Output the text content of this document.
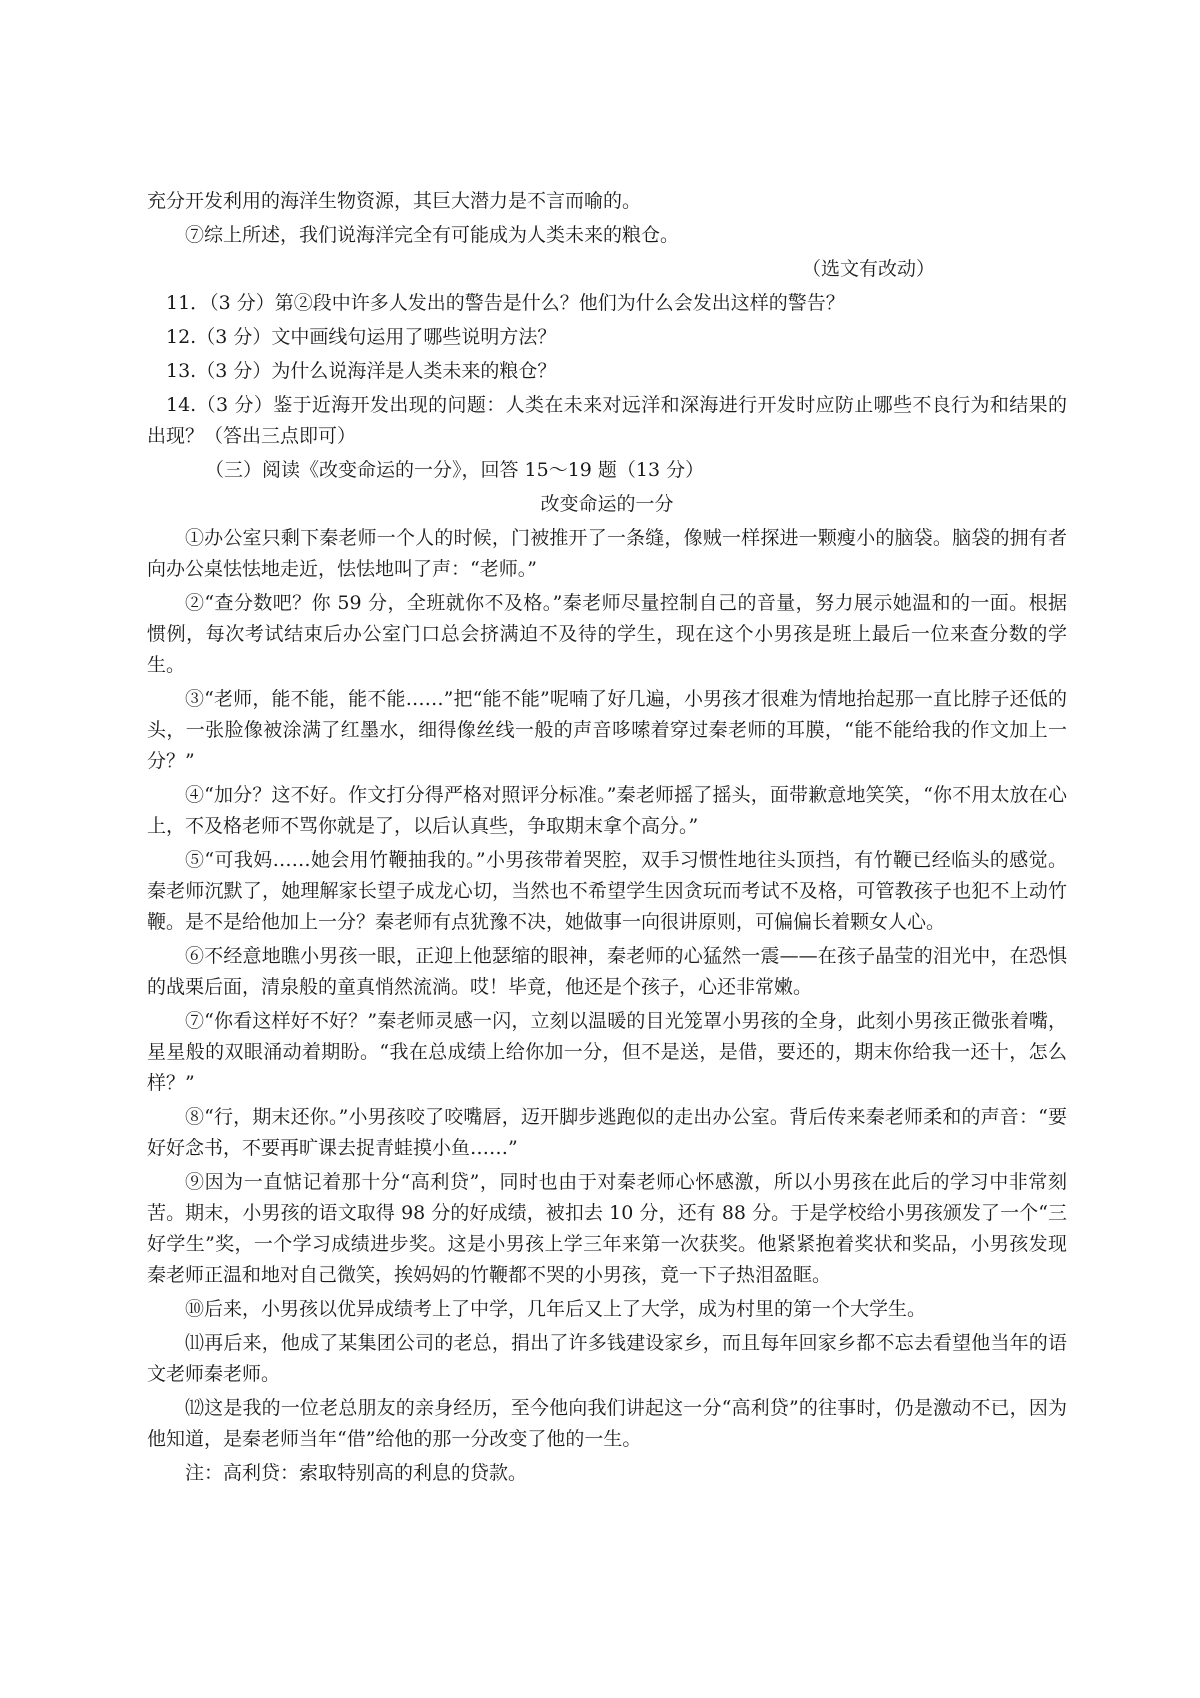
充分开发利用的海洋生物资源，其巨大潜力是不言而喻的。

⑦综上所述，我们说海洋完全有可能成为人类未来的粮仓。

（选文有改动）

11．（3 分）第②段中许多人发出的警告是什么？他们为什么会发出这样的警告？

12.（3 分）文中画线句运用了哪些说明方法？

13.（3 分）为什么说海洋是人类未来的粮仓？

14.（3 分）鉴于近海开发出现的问题：人类在未来对远洋和深海进行开发时应防止哪些不良行为和结果的出现？（答出三点即可）

（三）阅读《改变命运的一分》，回答 15～19 题（13 分）

改变命运的一分

①办公室只剩下秦老师一个人的时候，门被推开了一条缝，像贼一样探进一颗瘦小的脑袋。脑袋的拥有者向办公桌怯怯地走近，怯怯地叫了声：“老师。”

②“查分数吧？你 59 分，全班就你不及格。”秦老师尽量控制自己的音量，努力展示她温和的一面。根据惯例，每次考试结束后办公室门口总会挤满迫不及待的学生，现在这个小男孩是班上最后一位来查分数的学生。

③“老师，能不能，能不能……”把“能不能”呢喃了好几遍，小男孩才很难为情地抬起那一直比脖子还低的头，一张脸像被涂满了红墨水，细得像丝线一般的声音哆嗦着穿过秦老师的耳膜，“能不能给我的作文加上一分？”

④“加分？这不好。作文打分得严格对照评分标准。”秦老师摇了摇头，面带歉意地笑笑，“你不用太放在心上，不及格老师不骂你就是了，以后认真些，争取期末拿个高分。”

⑤“可我妈……她会用竹鞭抽我的。”小男孩带着哭腔，双手习惯性地往头顶挡，有竹鞭已经临头的感觉。秦老师沉默了，她理解家长望子成龙心切，当然也不希望学生因贪玩而考试不及格，可管教孩子也犯不上动竹鞭。是不是给他加上一分？秦老师有点犹豫不决，她做事一向很讲原则，可偏偏长着颗女人心。

⑥不经意地瞧小男孩一眼，正迎上他瑟缩的眼神，秦老师的心猛然一震——在孩子晶莹的泪光中，在恐惧的战栗后面，清泉般的童真悄然流淌。哎！毕竟，他还是个孩子，心还非常嫩。

⑦“你看这样好不好？”秦老师灵感一闪，立刻以温暖的目光笼罩小男孩的全身，此刻小男孩正微张着嘴，星星般的双眼涌动着期盼。“我在总成绩上给你加一分，但不是送，是借，要还的，期末你给我一还十，怎么样？”

⑧“行，期末还你。”小男孩咬了咬嘴唇，迈开脚步逃跑似的走出办公室。背后传来秦老师柔和的声音：“要好好念书，不要再旷课去捉青蛙摸小鱼……”

⑨因为一直惦记着那十分“高利贷”，同时也由于对秦老师心怀感激，所以小男孩在此后的学习中非常刻苦。期末，小男孩的语文取得 98 分的好成绩，被扣去 10 分，还有 88 分。于是学校给小男孩颁发了一个“三好学生”奖，一个学习成绩进步奖。这是小男孩上学三年来第一次获奖。他紧紧抱着奖状和奖品，小男孩发现秦老师正温和地对自己微笑，挨妈妈的竹鞭都不哭的小男孩，竟一下子热泪盈眶。

⑩后来，小男孩以优异成绩考上了中学，几年后又上了大学，成为村里的第一个大学生。

⑾再后来，他成了某集团公司的老总，捐出了许多钱建设家乡，而且每年回家乡都不忘去看望他当年的语文老师秦老师。

⑿这是我的一位老总朋友的亲身经历，至今他向我们讲起这一分“高利贷”的往事时，仍是激动不已，因为他知道，是秦老师当年“借”给他的那一分改变了他的一生。

注：高利贷：索取特别高的利息的贷款。
